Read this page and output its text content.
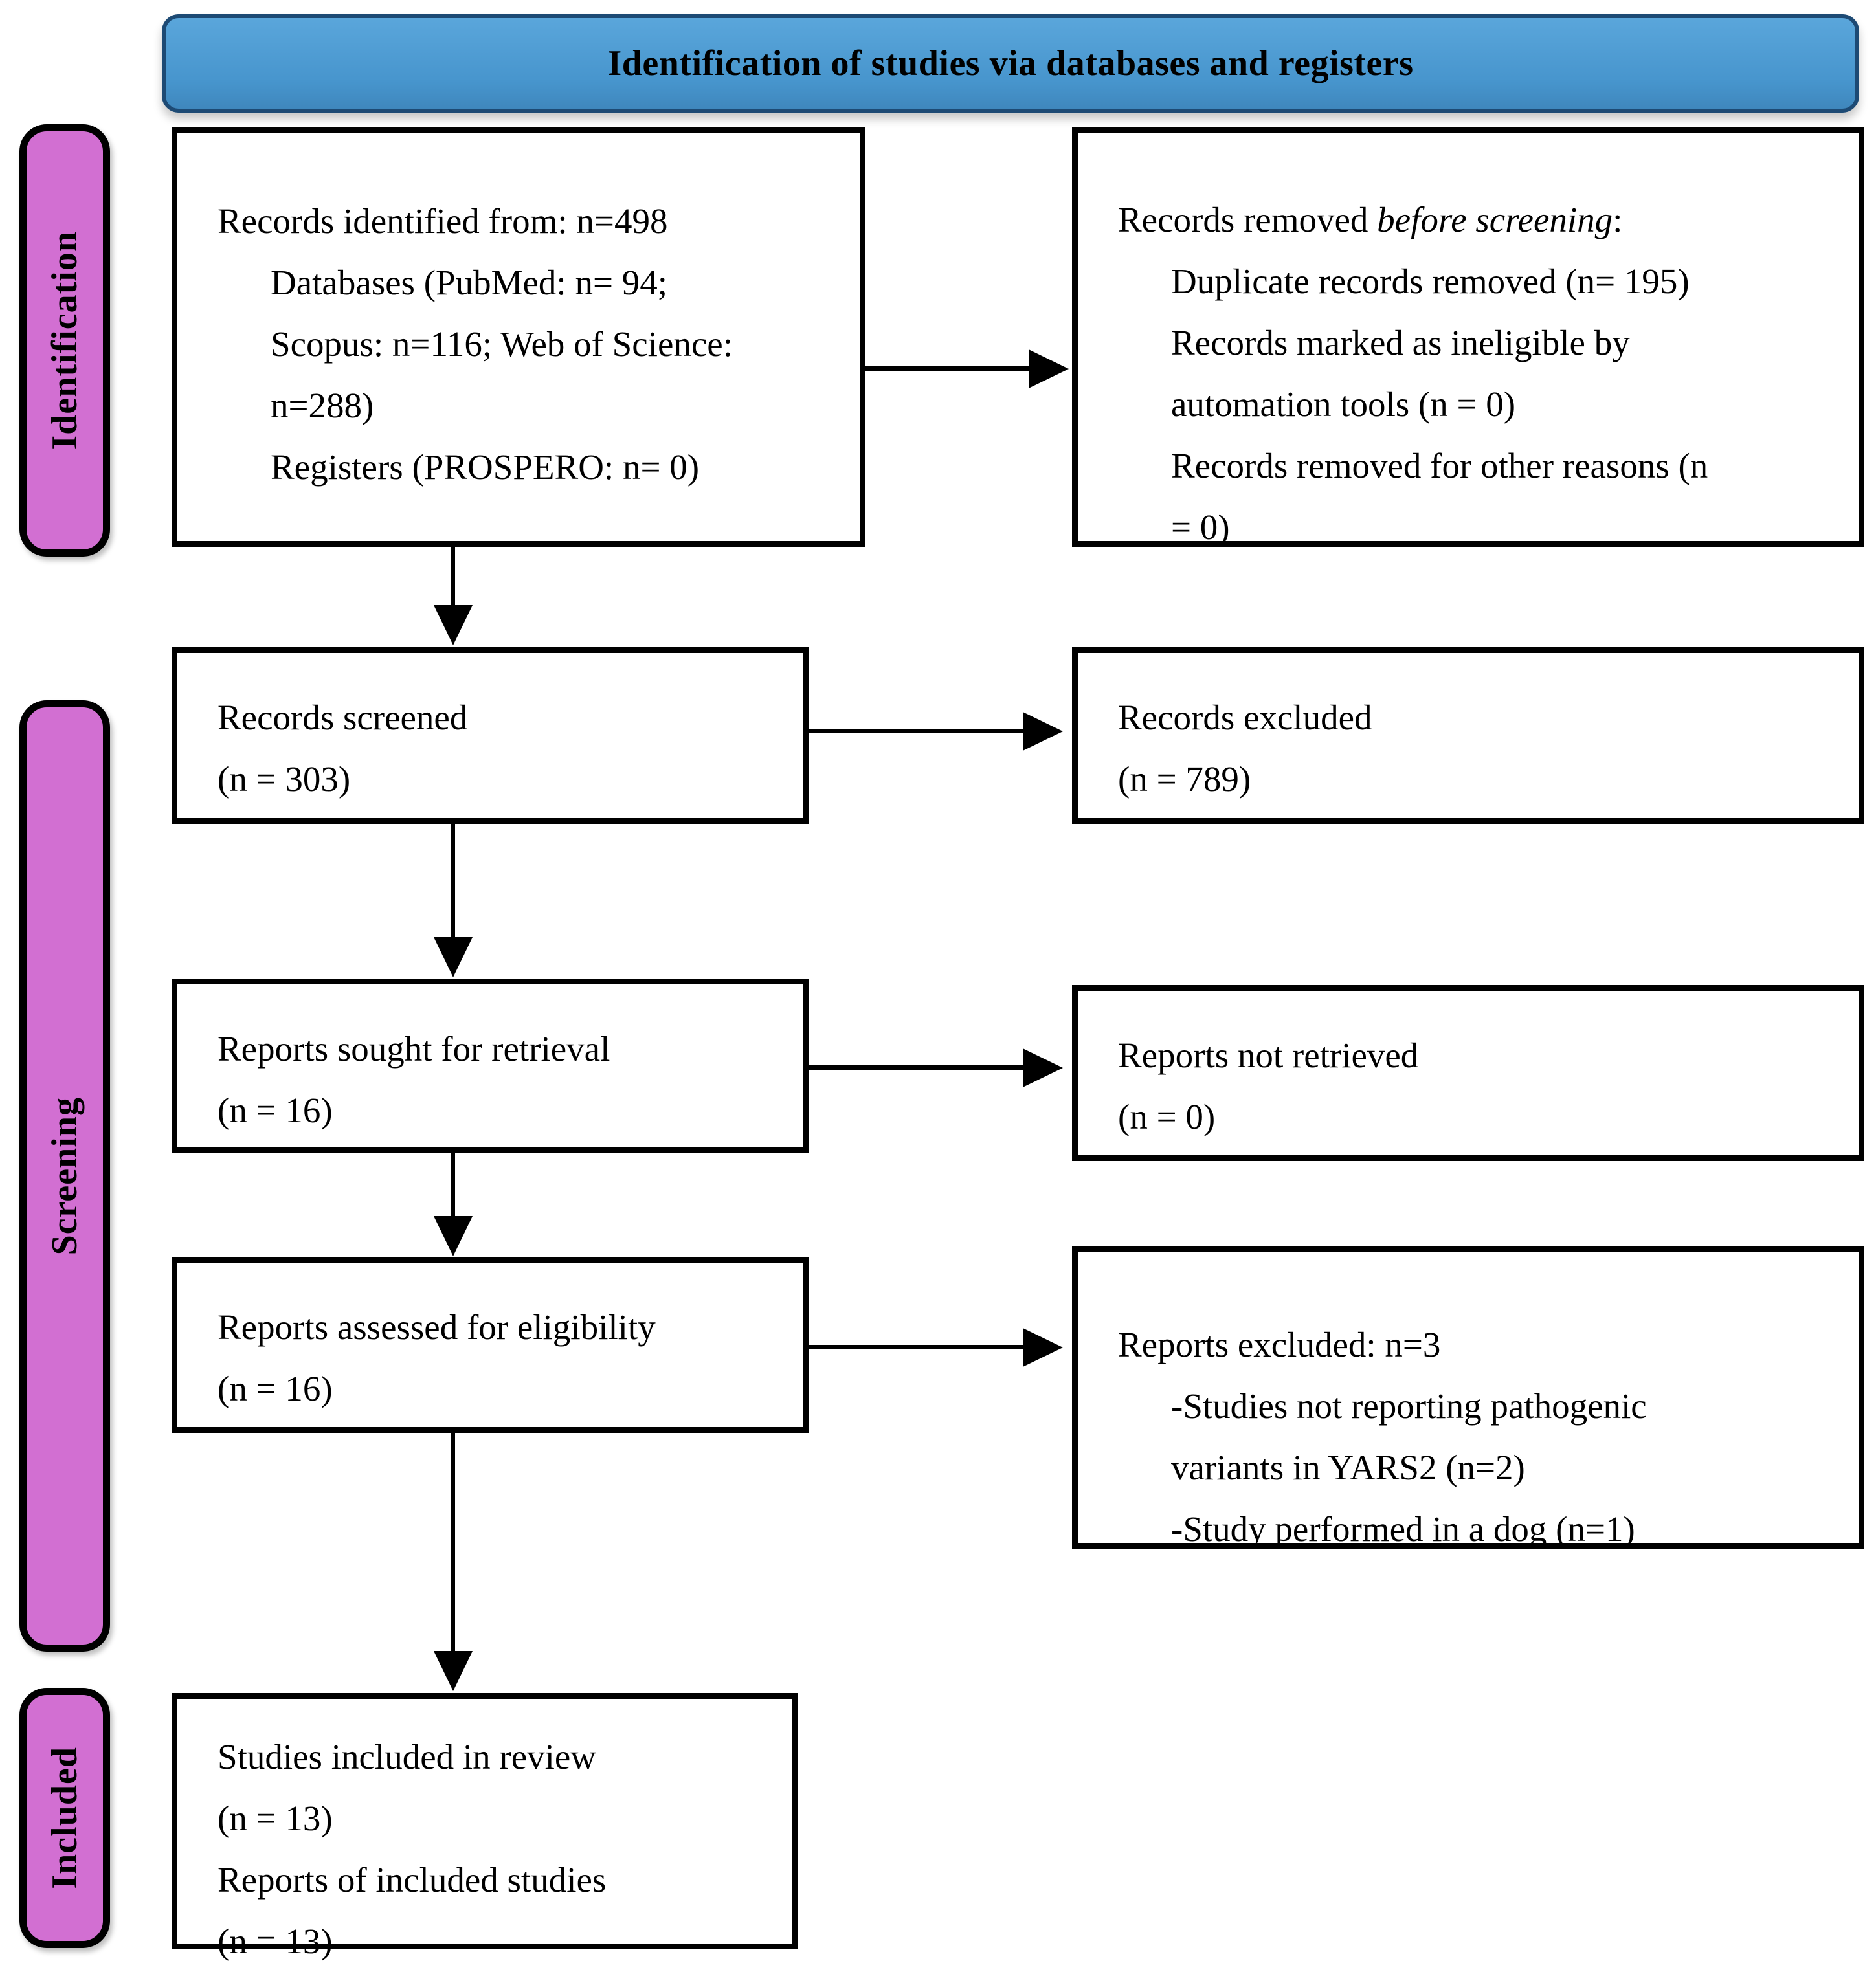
Identification of studies via databases and registers
Identification
Screening
Included
Records identified from: n=498
Databases (PubMed: n= 94;
Scopus: n=116; Web of Science:
n=288)
Registers (PROSPERO: n= 0)
Records removed before screening:
Duplicate records removed (n= 195)
Records marked as ineligible by
automation tools (n = 0)
Records removed for other reasons (n
= 0)
Records screened
(n = 303)
Records excluded
(n = 789)
Reports sought for retrieval
(n = 16)
Reports not retrieved
(n = 0)
Reports assessed for eligibility
(n = 16)
Reports excluded: n=3
-Studies not reporting pathogenic
variants in YARS2 (n=2)
-Study performed in a dog (n=1)
Studies included in review
(n = 13)
Reports of included studies
(n = 13)
